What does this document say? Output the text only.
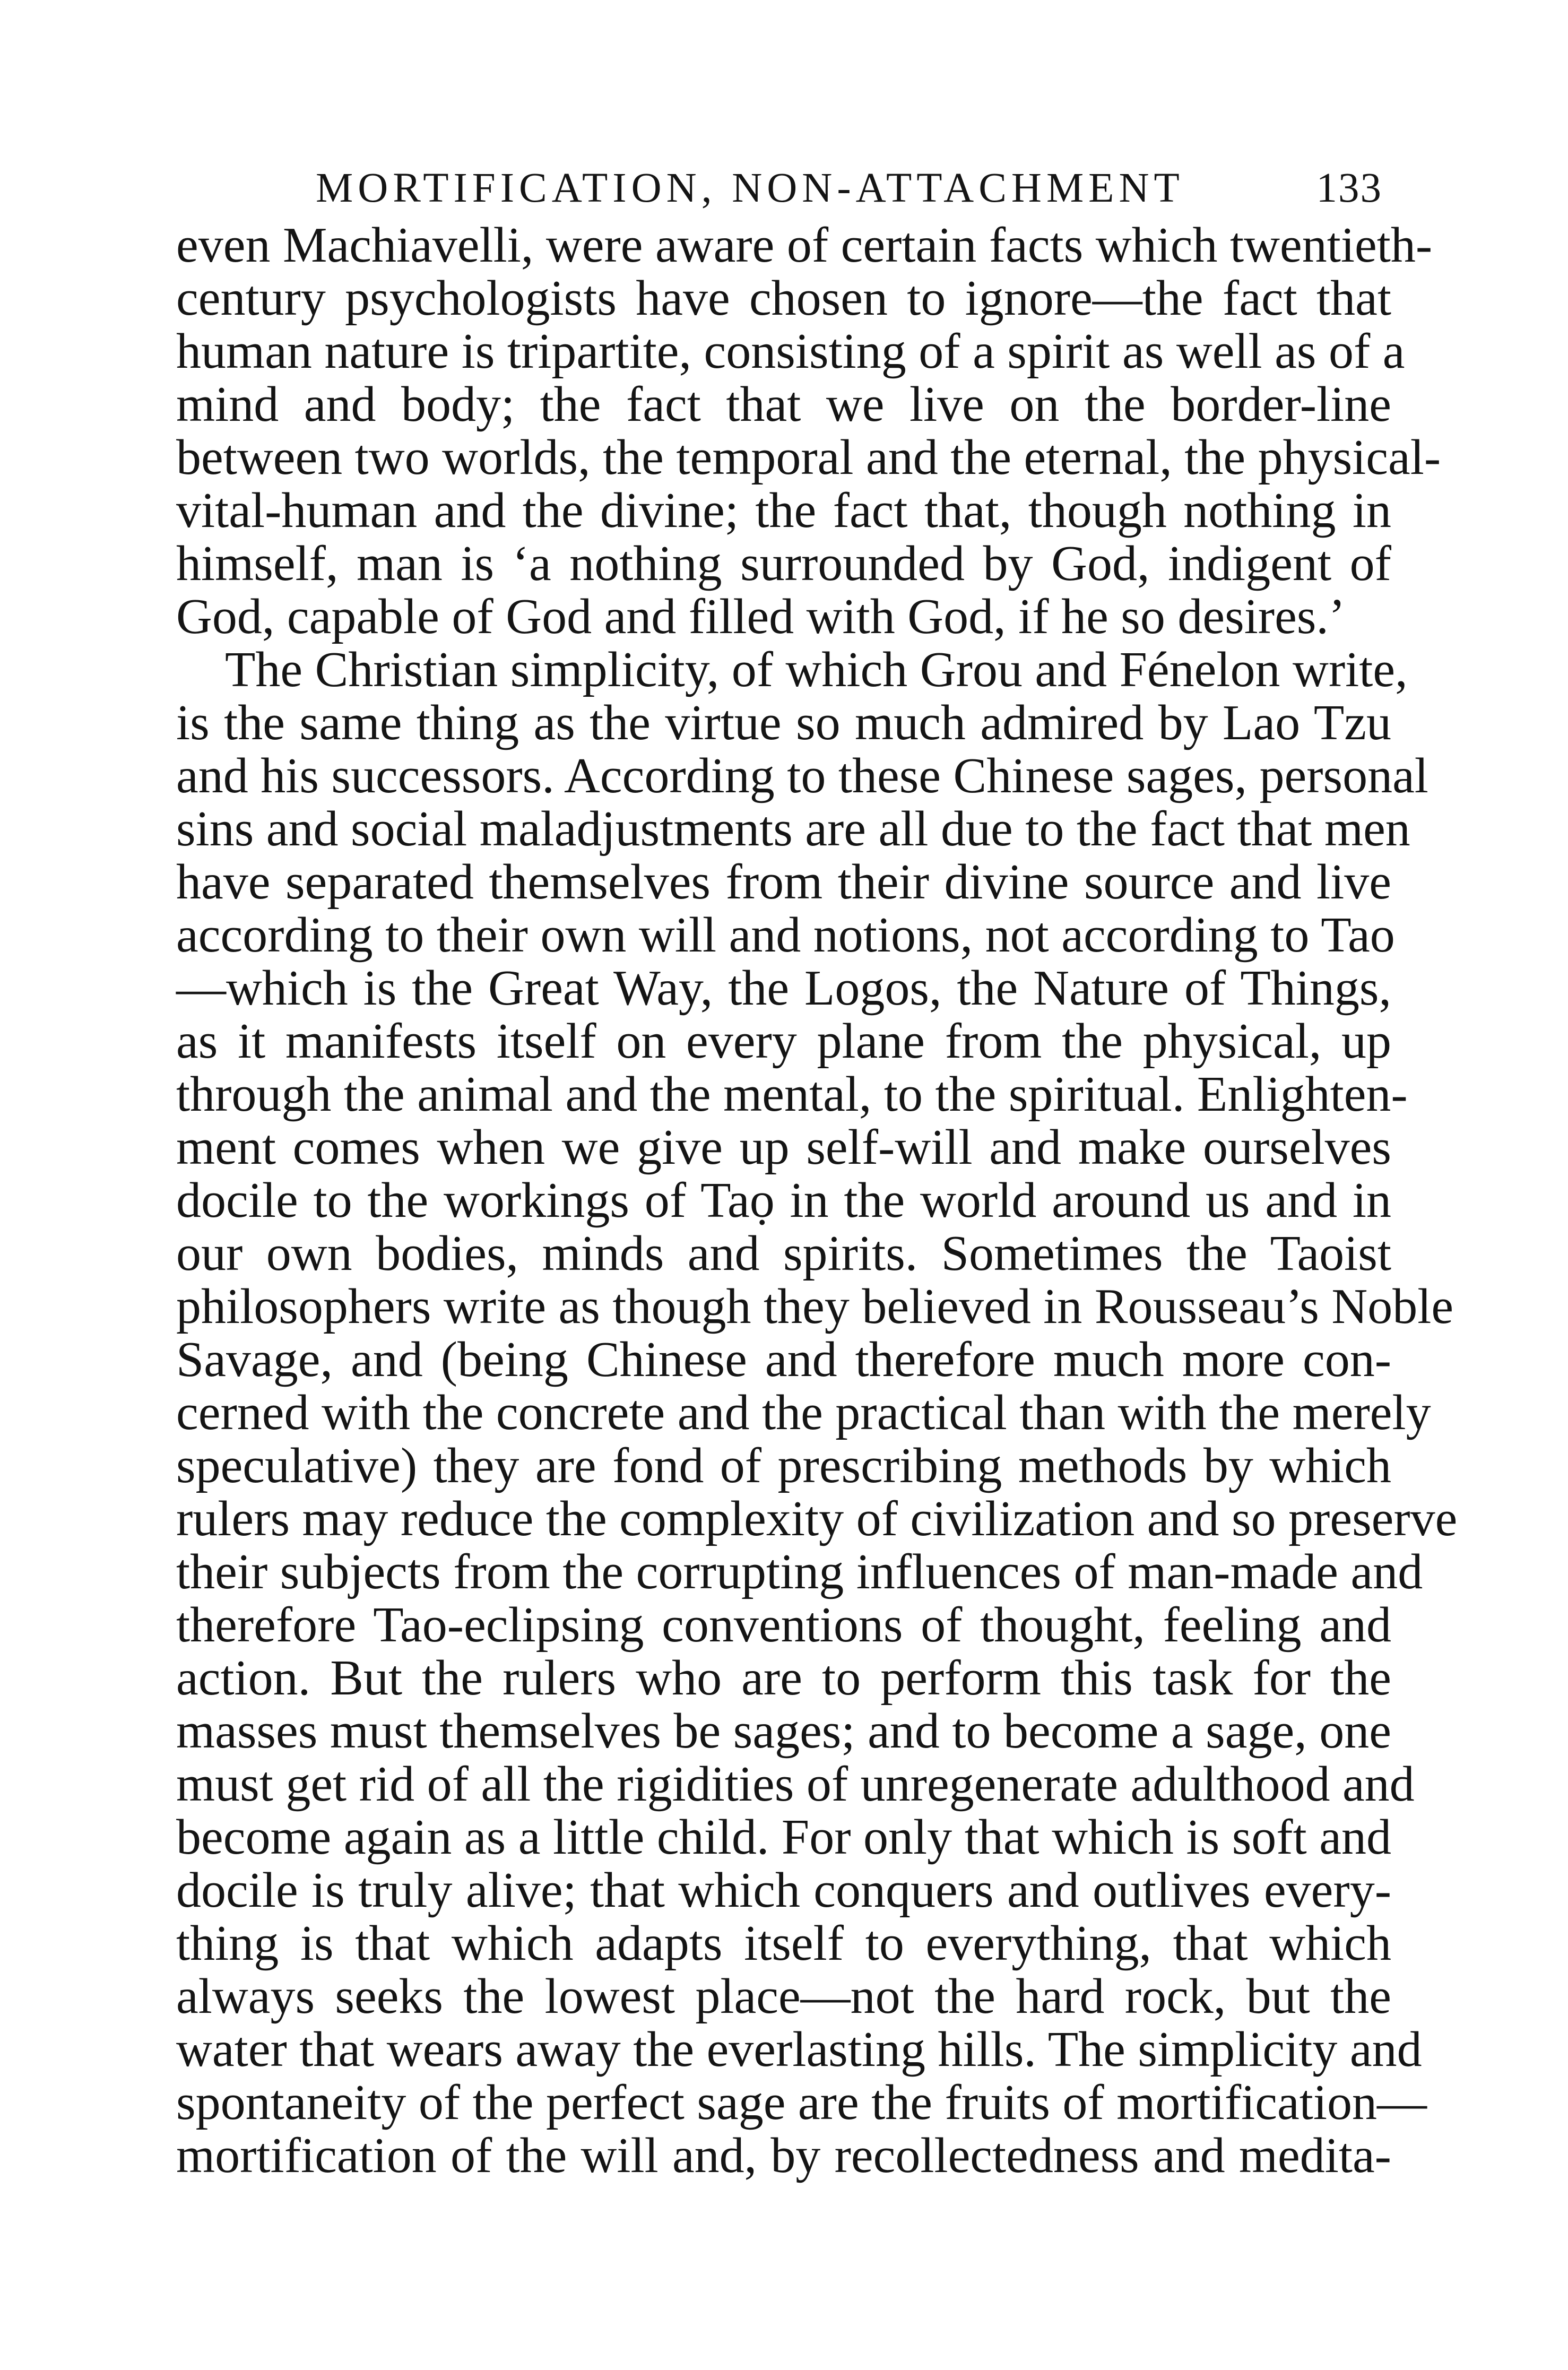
MORTIFICATION, NON-ATTACHMENT	133
even Machiavelli, were aware of certain facts which twentieth-
century psychologists have chosen to ignore—the fact that
human nature is tripartite, consisting of a spirit as well as of a
mind and body; the fact that we live on the border-line
between two worlds, the temporal and the eternal, the physical-
vital-human and the divine; the fact that, though nothing in
himself, man is ‘a nothing surrounded by God, indigent of
God, capable of God and filled with God, if he so desires.’
The Christian simplicity, of which Grou and Fénelon write,
is the same thing as the virtue so much admired by Lao Tzu
and his successors. According to these Chinese sages, personal
sins and social maladjustments are all due to the fact that men
have separated themselves from their divine source and live
according to their own will and notions, not according to Tao
—which is the Great Way, the Logos, the Nature of Things,
as it manifests itself on every plane from the physical, up
through the animal and the mental, to the spiritual. Enlighten-
ment comes when we give up self-will and make ourselves
docile to the workings of Taọ in the world around us and in
our own bodies, minds and spirits. Sometimes the Taoist
philosophers write as though they believed in Rousseau’s Noble
Savage, and (being Chinese and therefore much more con-
cerned with the concrete and the practical than with the merely
speculative) they are fond of prescribing methods by which
rulers may reduce the complexity of civilization and so preserve
their subjects from the corrupting influences of man-made and
therefore Tao-eclipsing conventions of thought, feeling and
action. But the rulers who are to perform this task for the
masses must themselves be sages; and to become a sage, one
must get rid of all the rigidities of unregenerate adulthood and
become again as a little child. For only that which is soft and
docile is truly alive; that which conquers and outlives every-
thing is that which adapts itself to everything, that which
always seeks the lowest place—not the hard rock, but the
water that wears away the everlasting hills. The simplicity and
spontaneity of the perfect sage are the fruits of mortification—
mortification of the will and, by recollectedness and medita-
